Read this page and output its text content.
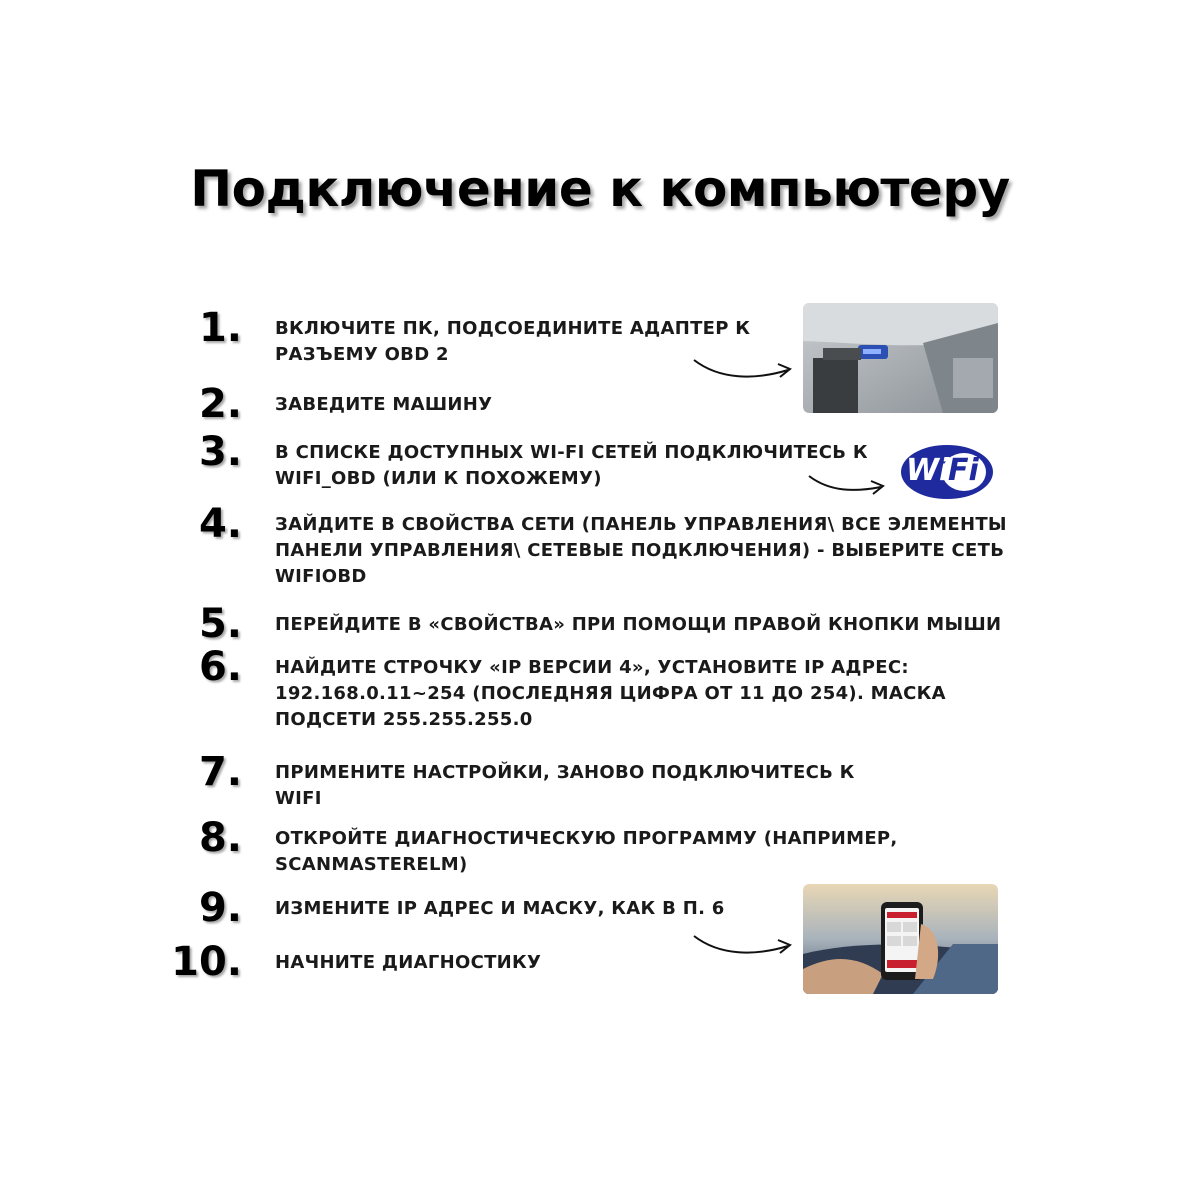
Подключение к компьютеру
1. ВКЛЮЧИТЕ ПК, ПОДСОЕДИНИТЕ АДАПТЕР К РАЗЪЕМУ OBD 2
2. ЗАВЕДИТЕ МАШИНУ
3. В СПИСКЕ ДОСТУПНЫХ WI-FI СЕТЕЙ ПОДКЛЮЧИТЕСЬ К WIFI_OBD (ИЛИ К ПОХОЖЕМУ)
4. ЗАЙДИТЕ В СВОЙСТВА СЕТИ (ПАНЕЛЬ УПРАВЛЕНИЯ\ ВСЕ ЭЛЕМЕНТЫ ПАНЕЛИ УПРАВЛЕНИЯ\ СЕТЕВЫЕ ПОДКЛЮЧЕНИЯ) - ВЫБЕРИТЕ СЕТЬ WIFIOBD
5. ПЕРЕЙДИТЕ В «СВОЙСТВА» ПРИ ПОМОЩИ ПРАВОЙ КНОПКИ МЫШИ
6. НАЙДИТЕ СТРОЧКУ «IP ВЕРСИИ 4», УСТАНОВИТЕ IP АДРЕС: 192.168.0.11~254 (ПОСЛЕДНЯЯ ЦИФРА ОТ 11 ДО 254). МАСКА ПОДСЕТИ 255.255.255.0
7. ПРИМЕНИТЕ НАСТРОЙКИ, ЗАНОВО ПОДКЛЮЧИТЕСЬ К WIFI
8. ОТКРОЙТЕ ДИАГНОСТИЧЕСКУЮ ПРОГРАММУ (НАПРИМЕР, SCANMASTERELM)
9. ИЗМЕНИТЕ IP АДРЕС И МАСКУ, КАК В П. 6
10. НАЧНИТЕ ДИАГНОСТИКУ
Wi
Fi
